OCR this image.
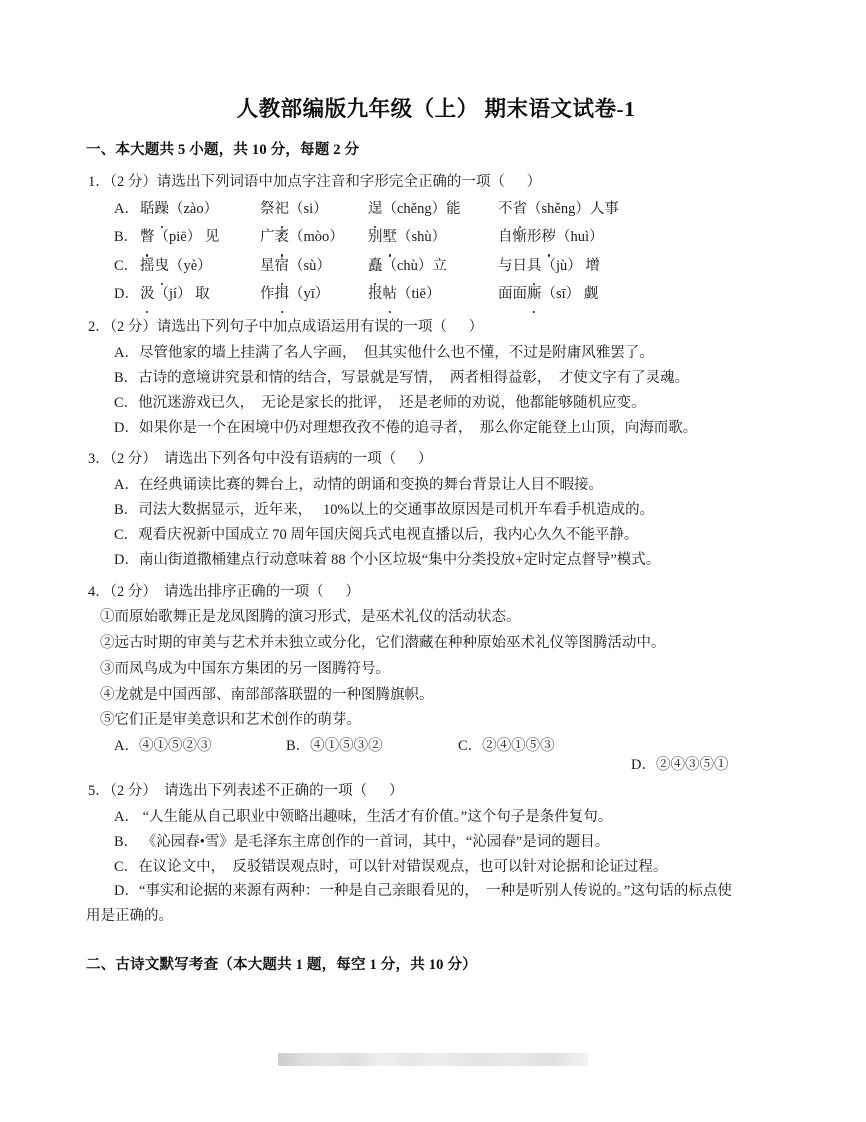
人教部编版九年级（上） 期末语文试卷-1
一、本大题共 5 小题，共 10 分，每题 2 分
1．（2 分）请选出下列词语中加点字注音和字形完全正确的一项（      ）
A． 聒躁（zào）	祭祀（si）	逞（chěng）能	不省（shěng）人事
B． 瞥（piē） 见	广袤（mòo）	别墅（shù）	自惭形秽（huì）
C． 摇曳（yè）	星宿（sù）	矗（chù）立	与日具（jù） 增
D． 汲（jí） 取	作揖（yī）	报帖（tiē）	面面厮（sī） 觑
2．（2 分）请选出下列句子中加点成语运用有误的一项（      ）
A．尽管他家的墙上挂满了名人字画，  但其实他什么也不懂，不过是附庸风雅罢了。
B．古诗的意境讲究景和情的结合，写景就是写情，  两者相得益彰，  才使文字有了灵魂。
C．他沉迷游戏已久，  无论是家长的批评，  还是老师的劝说，他都能够随机应变。
D．如果你是一个在困境中仍对理想孜孜不倦的追寻者，  那么你定能登上山顶，向海而歌。
3．（2 分）  请选出下列各句中没有语病的一项（      ）
A．在经典诵读比赛的舞台上，动情的朗诵和变换的舞台背景让人目不暇接。
B．司法大数据显示，近年来，   10%以上的交通事故原因是司机开车看手机造成的。
C．观看庆祝新中国成立 70 周年国庆阅兵式电视直播以后，我内心久久不能平静。
D．南山街道撒桶建点行动意味着 88 个小区垃圾“集中分类投放+定时定点督导”模式。
4．（2 分）  请选出排序正确的一项（      ）
①而原始歌舞正是龙凤图腾的演习形式，是巫术礼仪的活动状态。
②远古时期的审美与艺术并未独立或分化，它们潜藏在种种原始巫术礼仪等图腾活动中。
③而凤鸟成为中国东方集团的另一图腾符号。
④龙就是中国西部、南部部落联盟的一种图腾旗帜。
⑤它们正是审美意识和艺术创作的萌芽。
A．④①⑤②③	B．④①⑤③②	C．②④①⑤③
D．②④③⑤①
5．（2 分）  请选出下列表述不正确的一项（      ）
A． “人生能从自己职业中领略出趣味，生活才有价值。”这个句子是条件复句。
B． 《沁园春•雪》是毛泽东主席创作的一首词，其中，“沁园春”是词的题目。
C．在议论文中，  反驳错误观点时，可以针对错误观点，也可以针对论据和论证过程。
D．“事实和论据的来源有两种：一种是自己亲眼看见的，  一种是听别人传说的。”这句话的标点使
用是正确的。
二、古诗文默写考查（本大题共 1 题，每空 1 分，共 10 分）
